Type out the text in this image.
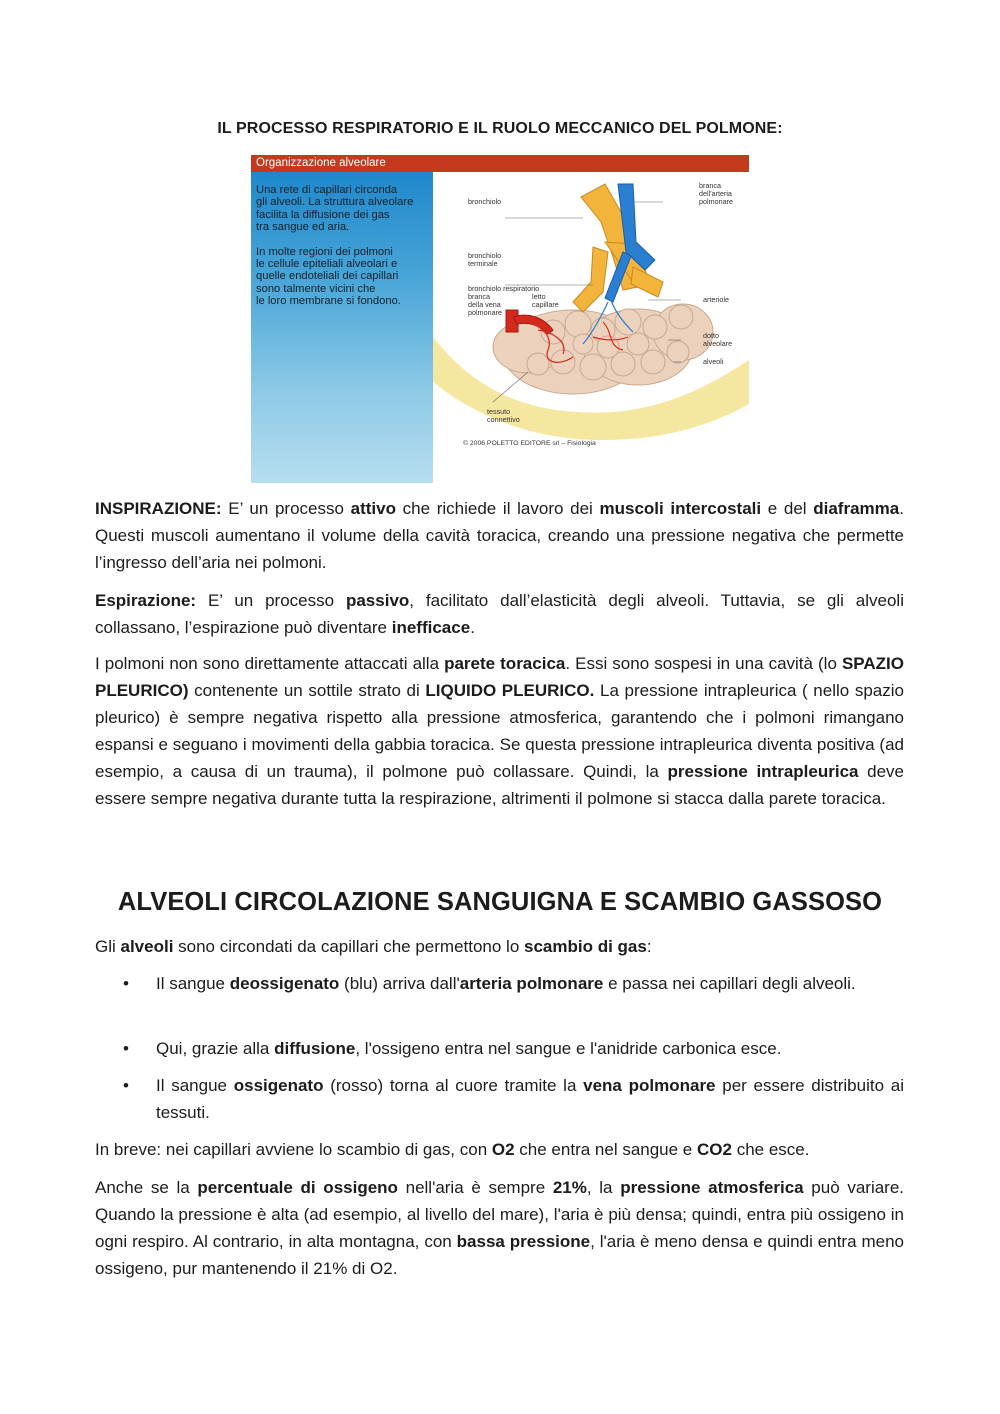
IL PROCESSO RESPIRATORIO E IL RUOLO MECCANICO DEL POLMONE:
Organizzazione alveolare

Una rete di capillari circonda
gli alveoli. La struttura alveolare
facilita la diffusione dei gas
tra sangue ed aria.

In molte regioni dei polmoni
le cellule epiteliali alveolari e
quelle endoteliali dei capillari
sono talmente vicini che
le loro membrane si fondono.

bronchiolo
branca
dell'arteria
polmonare
bronchiolo
terminale
bronchiolo respiratorio
branca
della vena
polmonare
letto
capillare
arteriole
dotto
alveolare
alveoli
tessuto
connettivo
© 2006 POLETTO EDITORE srl – Fisiologia

INSPIRAZIONE: E’ un processo attivo che richiede il lavoro dei muscoli intercostali e del diaframma. Questi muscoli aumentano il volume della cavità toracica, creando una pressione negativa che permette l’ingresso dell’aria nei polmoni.

Espirazione: E’ un processo passivo, facilitato dall’elasticità degli alveoli. Tuttavia, se gli alveoli collassano, l’espirazione può diventare inefficace.

I polmoni non sono direttamente attaccati alla parete toracica. Essi sono sospesi in una cavità (lo SPAZIO PLEURICO) contenente un sottile strato di LIQUIDO PLEURICO. La pressione intrapleurica ( nello spazio pleurico) è sempre negativa rispetto alla pressione atmosferica, garantendo che i polmoni rimangano espansi e seguano i movimenti della gabbia toracica. Se questa pressione intrapleurica diventa positiva (ad esempio, a causa di un trauma), il polmone può collassare. Quindi, la pressione intrapleurica deve essere sempre negativa durante tutta la respirazione, altrimenti il polmone si stacca dalla parete toracica.

ALVEOLI CIRCOLAZIONE SANGUIGNA E SCAMBIO GASSOSO

Gli alveoli sono circondati da capillari che permettono lo scambio di gas:

•	Il sangue deossigenato (blu) arriva dall'arteria polmonare e passa nei capillari degli alveoli.
•	Qui, grazie alla diffusione, l'ossigeno entra nel sangue e l'anidride carbonica esce.
•	Il sangue ossigenato (rosso) torna al cuore tramite la vena polmonare per essere distribuito ai tessuti.

In breve: nei capillari avviene lo scambio di gas, con O2 che entra nel sangue e CO2 che esce.

Anche se la percentuale di ossigeno nell'aria è sempre 21%, la pressione atmosferica può variare. Quando la pressione è alta (ad esempio, al livello del mare), l'aria è più densa; quindi, entra più ossigeno in ogni respiro. Al contrario, in alta montagna, con bassa pressione, l'aria è meno densa e quindi entra meno ossigeno, pur mantenendo il 21% di O2.
